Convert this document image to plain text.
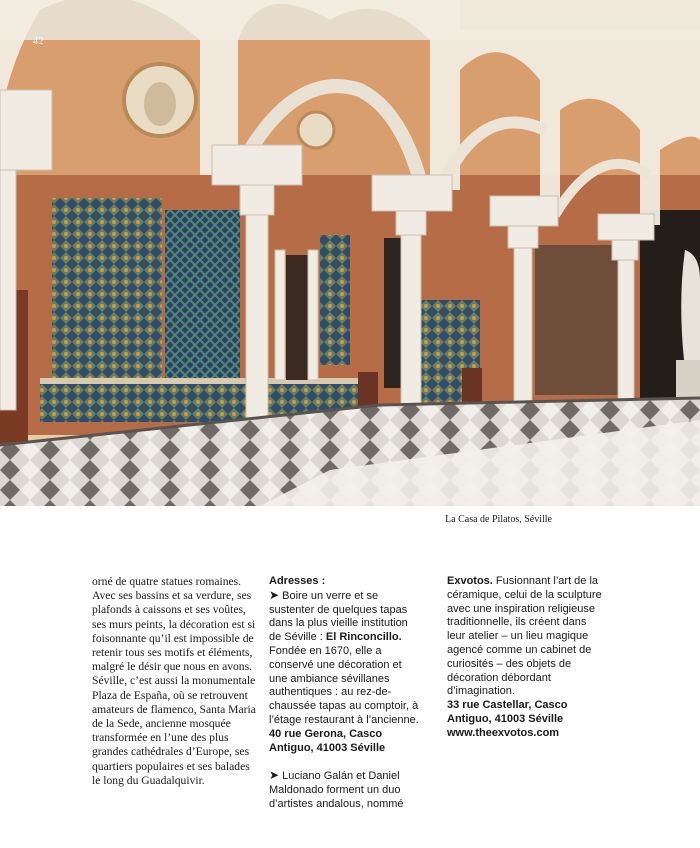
42
La Casa de Pilatos, Séville

orné de quatre statues romaines. Avec ses bassins et sa verdure, ses plafonds à caissons et ses voûtes, ses murs peints, la décoration est si foisonnante qu’il est impossible de retenir tous ses motifs et éléments, malgré le désir que nous en avons. Séville, c’est aussi la monumentale Plaza de España, où se retrouvent amateurs de flamenco, Santa Maria de la Sede, ancienne mosquée transformée en l’une des plus grandes cathédrales d’Europe, ses quartiers populaires et ses balades le long du Guadalquivir.

Adresses :

➤ Boire un verre et se sustenter de quelques tapas dans la plus vieille institution de Séville : El Rinconcillo. Fondée en 1670, elle a conservé une décoration et une ambiance sévillanes authentiques : au rez-de-chaussée tapas au comptoir, à l’étage restaurant à l’ancienne.

40 rue Gerona, Casco Antiguo, 41003 Séville

➤ Luciano Galán et Daniel Maldonado forment un duo d’artistes andalous, nommé

Exvotos. Fusionnant l’art de la céramique, celui de la sculpture avec une inspiration religieuse traditionnelle, ils créent dans leur atelier – un lieu magique agencé comme un cabinet de curiosités – des objets de décoration débordant d’imagination.

33 rue Castellar, Casco Antiguo, 41003 Séville

www.theexvotos.com
